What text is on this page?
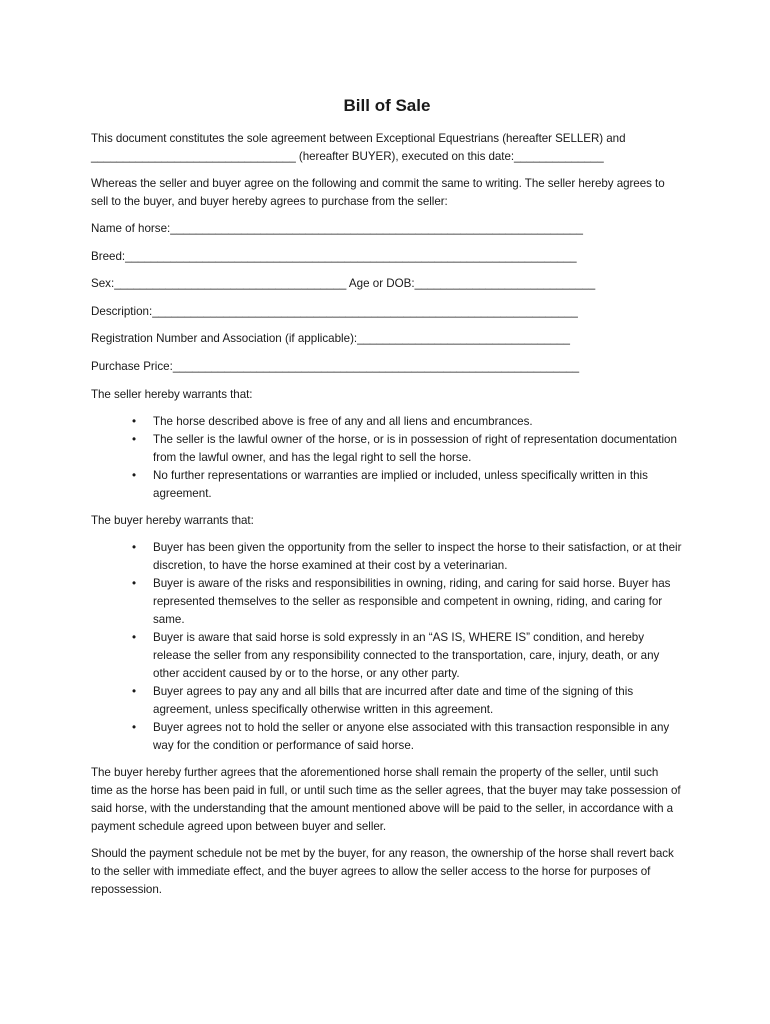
Bill of Sale

This document constitutes the sole agreement between Exceptional Equestrians (hereafter SELLER) and
________________________________ (hereafter BUYER), executed on this date:______________

Whereas the seller and buyer agree on the following and commit the same to writing. The seller hereby agrees to sell to the buyer, and buyer hereby agrees to purchase from the seller:

Name of horse:________________________________________________________________
Breed:______________________________________________________________________
Sex:____________________________________ Age or DOB:____________________________
Description:__________________________________________________________________
Registration Number and Association (if applicable):_________________________________
Purchase Price:_______________________________________________________________

The seller hereby warrants that:

• The horse described above is free of any and all liens and encumbrances.
• The seller is the lawful owner of the horse, or is in possession of right of representation documentation from the lawful owner, and has the legal right to sell the horse.
• No further representations or warranties are implied or included, unless specifically written in this agreement.

The buyer hereby warrants that:

• Buyer has been given the opportunity from the seller to inspect the horse to their satisfaction, or at their discretion, to have the horse examined at their cost by a veterinarian.
• Buyer is aware of the risks and responsibilities in owning, riding, and caring for said horse. Buyer has represented themselves to the seller as responsible and competent in owning, riding, and caring for same.
• Buyer is aware that said horse is sold expressly in an “AS IS, WHERE IS” condition, and hereby release the seller from any responsibility connected to the transportation, care, injury, death, or any other accident caused by or to the horse, or any other party.
• Buyer agrees to pay any and all bills that are incurred after date and time of the signing of this agreement, unless specifically otherwise written in this agreement.
• Buyer agrees not to hold the seller or anyone else associated with this transaction responsible in any way for the condition or performance of said horse.

The buyer hereby further agrees that the aforementioned horse shall remain the property of the seller, until such time as the horse has been paid in full, or until such time as the seller agrees, that the buyer may take possession of said horse, with the understanding that the amount mentioned above will be paid to the seller, in accordance with a payment schedule agreed upon between buyer and seller.

Should the payment schedule not be met by the buyer, for any reason, the ownership of the horse shall revert back to the seller with immediate effect, and the buyer agrees to allow the seller access to the horse for purposes of repossession.
